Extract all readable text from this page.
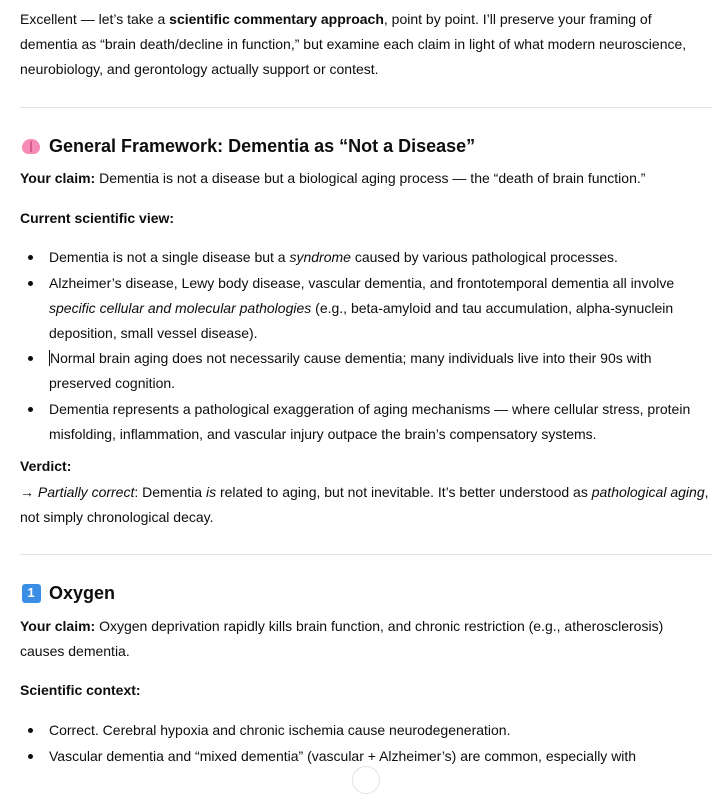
Excellent — let’s take a scientific commentary approach, point by point. I’ll preserve your framing of dementia as “brain death/decline in function,” but examine each claim in light of what modern neuroscience, neurobiology, and gerontology actually support or contest.

General Framework: Dementia as “Not a Disease”

Your claim: Dementia is not a disease but a biological aging process — the “death of brain function.”

Current scientific view:

Dementia is not a single disease but a syndrome caused by various pathological processes.

Alzheimer’s disease, Lewy body disease, vascular dementia, and frontotemporal dementia all involve specific cellular and molecular pathologies (e.g., beta-amyloid and tau accumulation, alpha-synuclein deposition, small vessel disease).

Normal brain aging does not necessarily cause dementia; many individuals live into their 90s with preserved cognition.

Dementia represents a pathological exaggeration of aging mechanisms — where cellular stress, protein misfolding, inflammation, and vascular injury outpace the brain’s compensatory systems.

Verdict:

→ Partially correct: Dementia is related to aging, but not inevitable. It’s better understood as pathological aging, not simply chronological decay.

1 Oxygen

Your claim: Oxygen deprivation rapidly kills brain function, and chronic restriction (e.g., atherosclerosis) causes dementia.

Scientific context:

Correct. Cerebral hypoxia and chronic ischemia cause neurodegeneration.

Vascular dementia and “mixed dementia” (vascular + Alzheimer’s) are common, especially with
